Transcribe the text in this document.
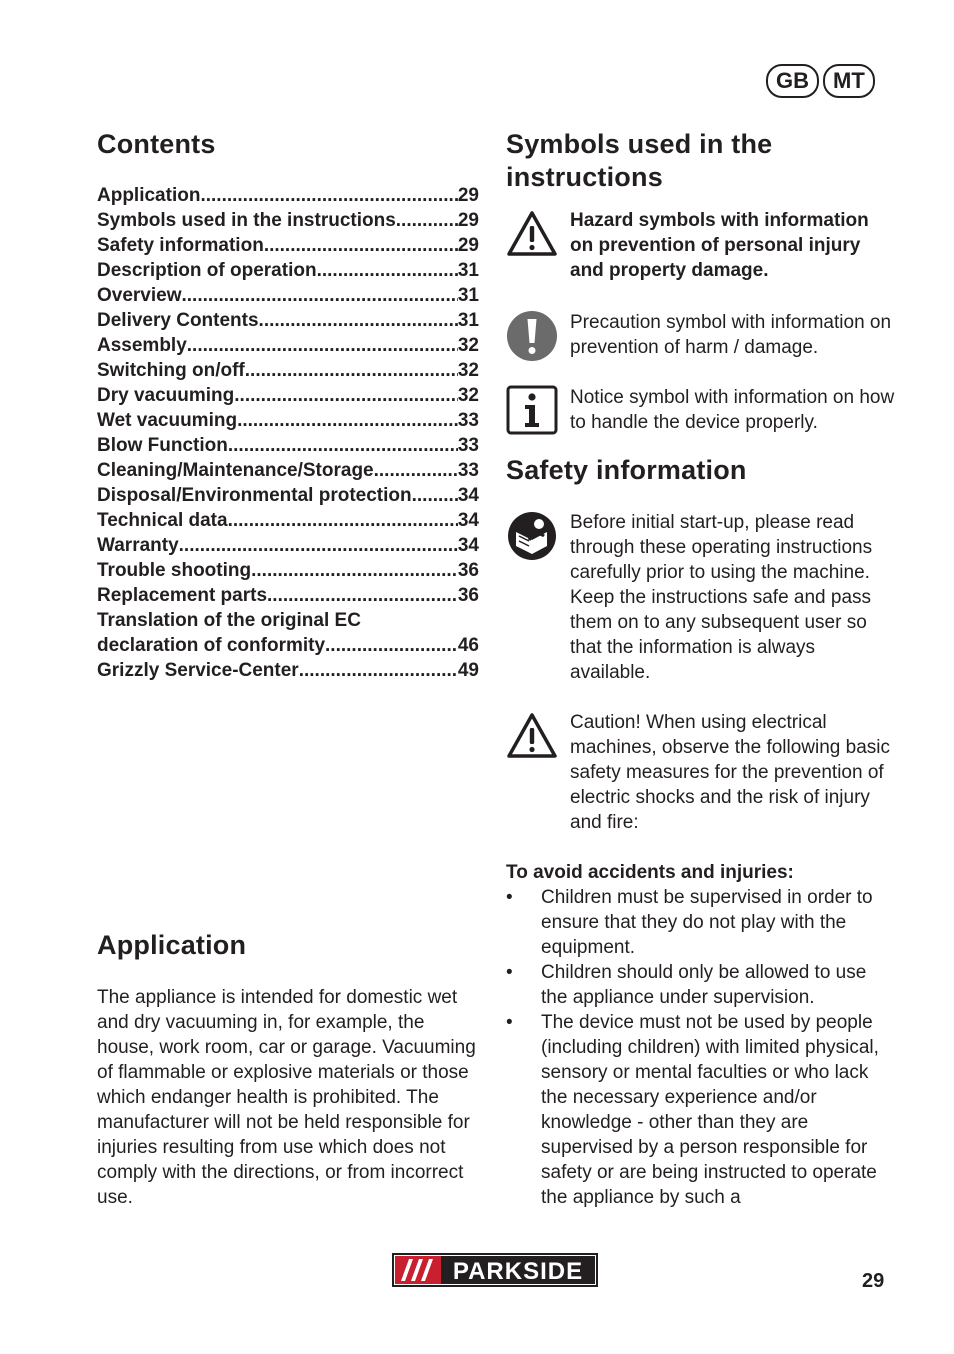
GB	MT
Contents
Application .....	29
Symbols used in the instructions .....	29
Safety information .....	29
Description of operation .....	31
Overview .....	31
Delivery Contents .....	31
Assembly .....	32
Switching on/off .....	32
Dry vacuuming .....	32
Wet vacuuming .....	33
Blow Function .....	33
Cleaning/Maintenance/Storage .....	33
Disposal/Environmental protection ..... 34
Technical data .....	34
Warranty .....	34
Trouble shooting .....	36
Replacement parts .....	36
Translation of the original EC
declaration of conformity .....	46
Grizzly Service-Center .....	49
Application

The appliance is intended for domestic wet and dry vacuuming in, for example, the house, work room, car or garage. Vacuuming of flammable or explosive materials or those which endanger health is prohibited. The manufacturer will not be held responsible for injuries resulting from use which does not comply with the directions, or from incorrect use.

Symbols used in the instructions
Hazard symbols with information on prevention of personal injury and property damage.
Precaution symbol with information on prevention of harm / damage.
Notice symbol with information on how to handle the device properly.
Safety information
Before initial start-up, please read through these operating instructions carefully prior to using the machine. Keep the instructions safe and pass them on to any subsequent user so that the information is always available.
Caution! When using electrical machines, observe the following basic safety measures for the prevention of electric shocks and the risk of injury and fire:
To avoid accidents and injuries:
• Children must be supervised in order to ensure that they do not play with the equipment.
• Children should only be allowed to use the appliance under supervision.
• The device must not be used by people (including children) with limited physical, sensory or mental faculties or who lack the necessary experience and/or knowledge - other than they are supervised by a person responsible for safety or are being instructed to operate the appliance by such a
PARKSIDE	29
